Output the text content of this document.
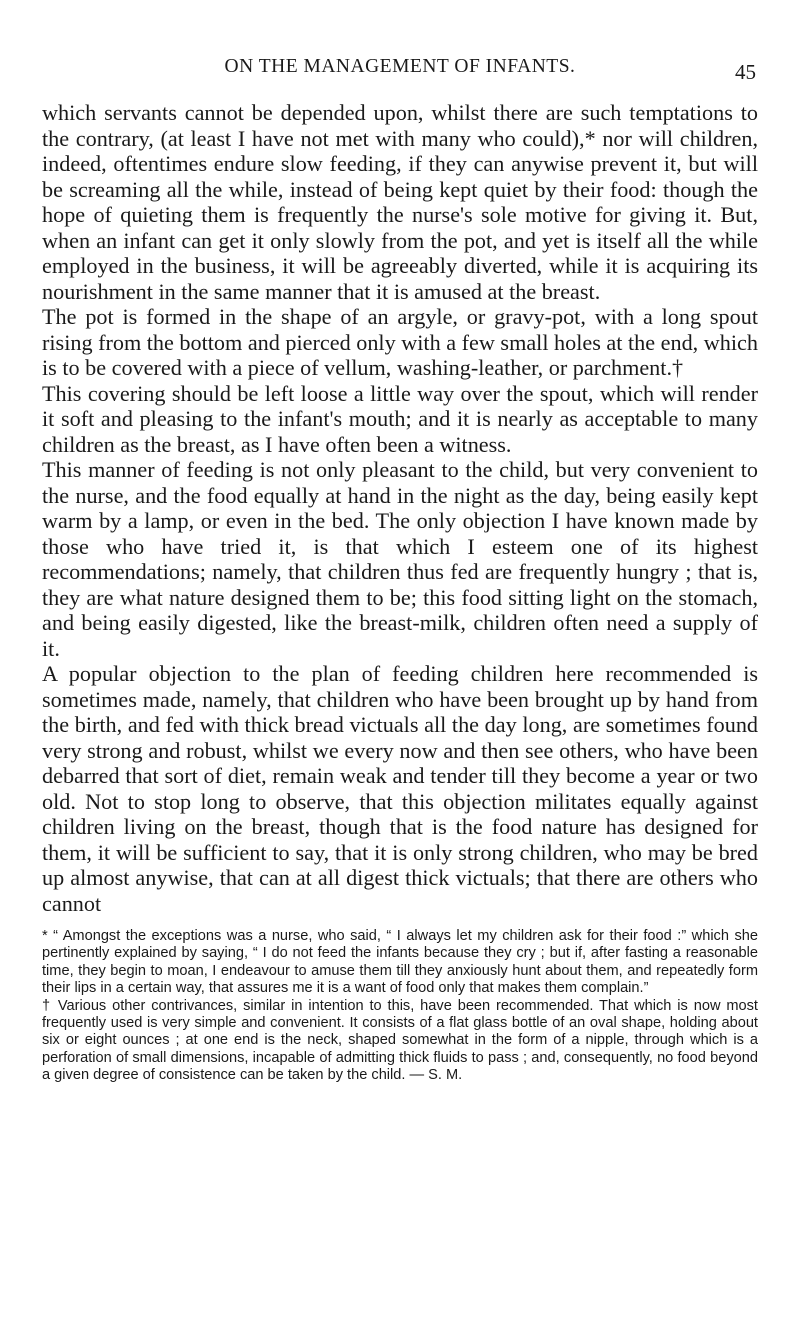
ON THE MANAGEMENT OF INFANTS.	45

which servants cannot be depended upon, whilst there are such temptations to the contrary, (at least I have not met with many who could),* nor will children, indeed, oftentimes endure slow feeding, if they can anywise prevent it, but will be screaming all the while, instead of being kept quiet by their food: though the hope of quieting them is frequently the nurse's sole motive for giving it. But, when an infant can get it only slowly from the pot, and yet is itself all the while employed in the business, it will be agreeably diverted, while it is acquiring its nourishment in the same manner that it is amused at the breast.

The pot is formed in the shape of an argyle, or gravy-pot, with a long spout rising from the bottom and pierced only with a few small holes at the end, which is to be covered with a piece of vellum, washing-leather, or parchment.†

This covering should be left loose a little way over the spout, which will render it soft and pleasing to the infant's mouth; and it is nearly as acceptable to many children as the breast, as I have often been a witness.

This manner of feeding is not only pleasant to the child, but very convenient to the nurse, and the food equally at hand in the night as the day, being easily kept warm by a lamp, or even in the bed. The only objection I have known made by those who have tried it, is that which I esteem one of its highest recommendations; namely, that children thus fed are frequently hungry ; that is, they are what nature designed them to be; this food sitting light on the stomach, and being easily digested, like the breast-milk, children often need a supply of it.

A popular objection to the plan of feeding children here recommended is sometimes made, namely, that children who have been brought up by hand from the birth, and fed with thick bread victuals all the day long, are sometimes found very strong and robust, whilst we every now and then see others, who have been debarred that sort of diet, remain weak and tender till they become a year or two old. Not to stop long to observe, that this objection militates equally against children living on the breast, though that is the food nature has designed for them, it will be sufficient to say, that it is only strong children, who may be bred up almost anywise, that can at all digest thick victuals; that there are others who cannot

* “ Amongst the exceptions was a nurse, who said, “ I always let my children ask for their food :” which she pertinently explained by saying, “ I do not feed the infants because they cry ; but if, after fasting a reasonable time, they begin to moan, I endeavour to amuse them till they anxiously hunt about them, and repeatedly form their lips in a certain way, that assures me it is a want of food only that makes them complain.”

† Various other contrivances, similar in intention to this, have been recommended. That which is now most frequently used is very simple and convenient. It consists of a flat glass bottle of an oval shape, holding about six or eight ounces ; at one end is the neck, shaped somewhat in the form of a nipple, through which is a perforation of small dimensions, incapable of admitting thick fluids to pass ; and, consequently, no food beyond a given degree of consistence can be taken by the child. — S. M.
